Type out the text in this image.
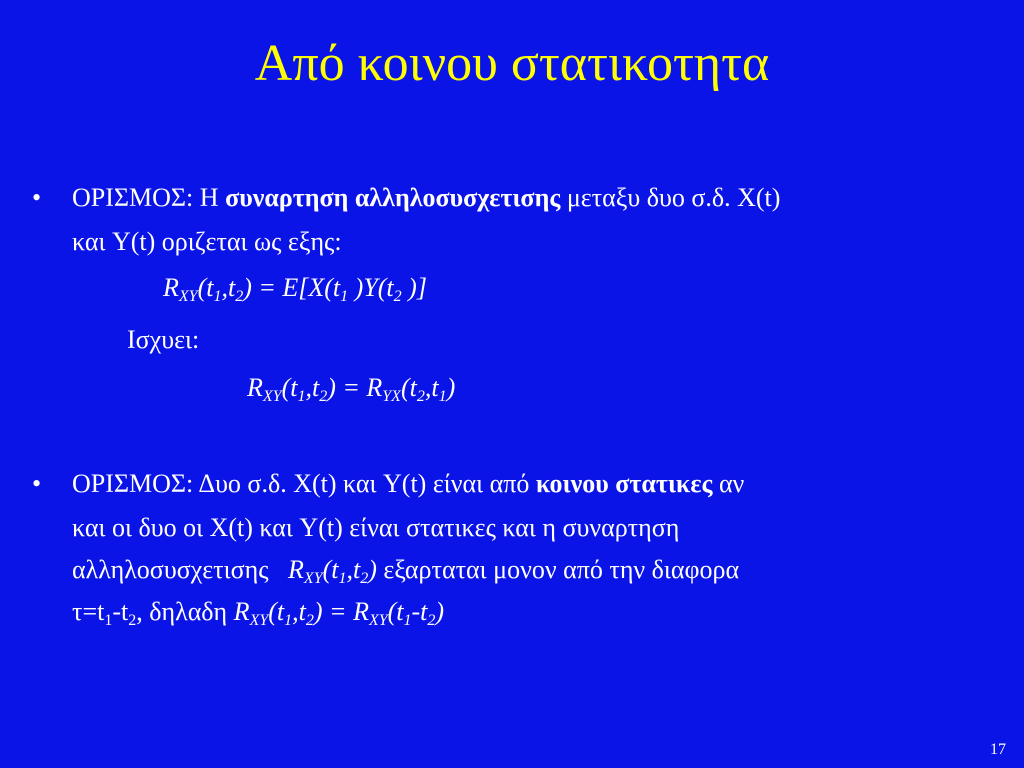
Από κοινου στατικοτητα
• ΟΡΙΣΜΟΣ: Η συναρτηση αλληλοσυσχετισης μεταξυ δυο σ.δ. X(t)
και Y(t) οριζεται ως εξης:
$R_{XY}(t_1,t_2) = E[X(t_1$ )$Y(t_2$ )]
Ισχυει:
$R_{XY}(t_1,t_2) = R_{YX}(t_2,t_1)$
• ΟΡΙΣΜΟΣ: Δυο σ.δ. X(t) και Y(t) είναι από κοινου στατικες αν
και οι δυο οι X(t) και Y(t) είναι στατικες και η συναρτηση
αλληλοσυσχετισης   $R_{XY}(t_1,t_2)$ εξαρταται μονον από την διαφορα
$\tau=t_1-t_2$, δηλαδη $R_{XY}(t_1,t_2) = R_{XY}(t_1-t_2)$
17
